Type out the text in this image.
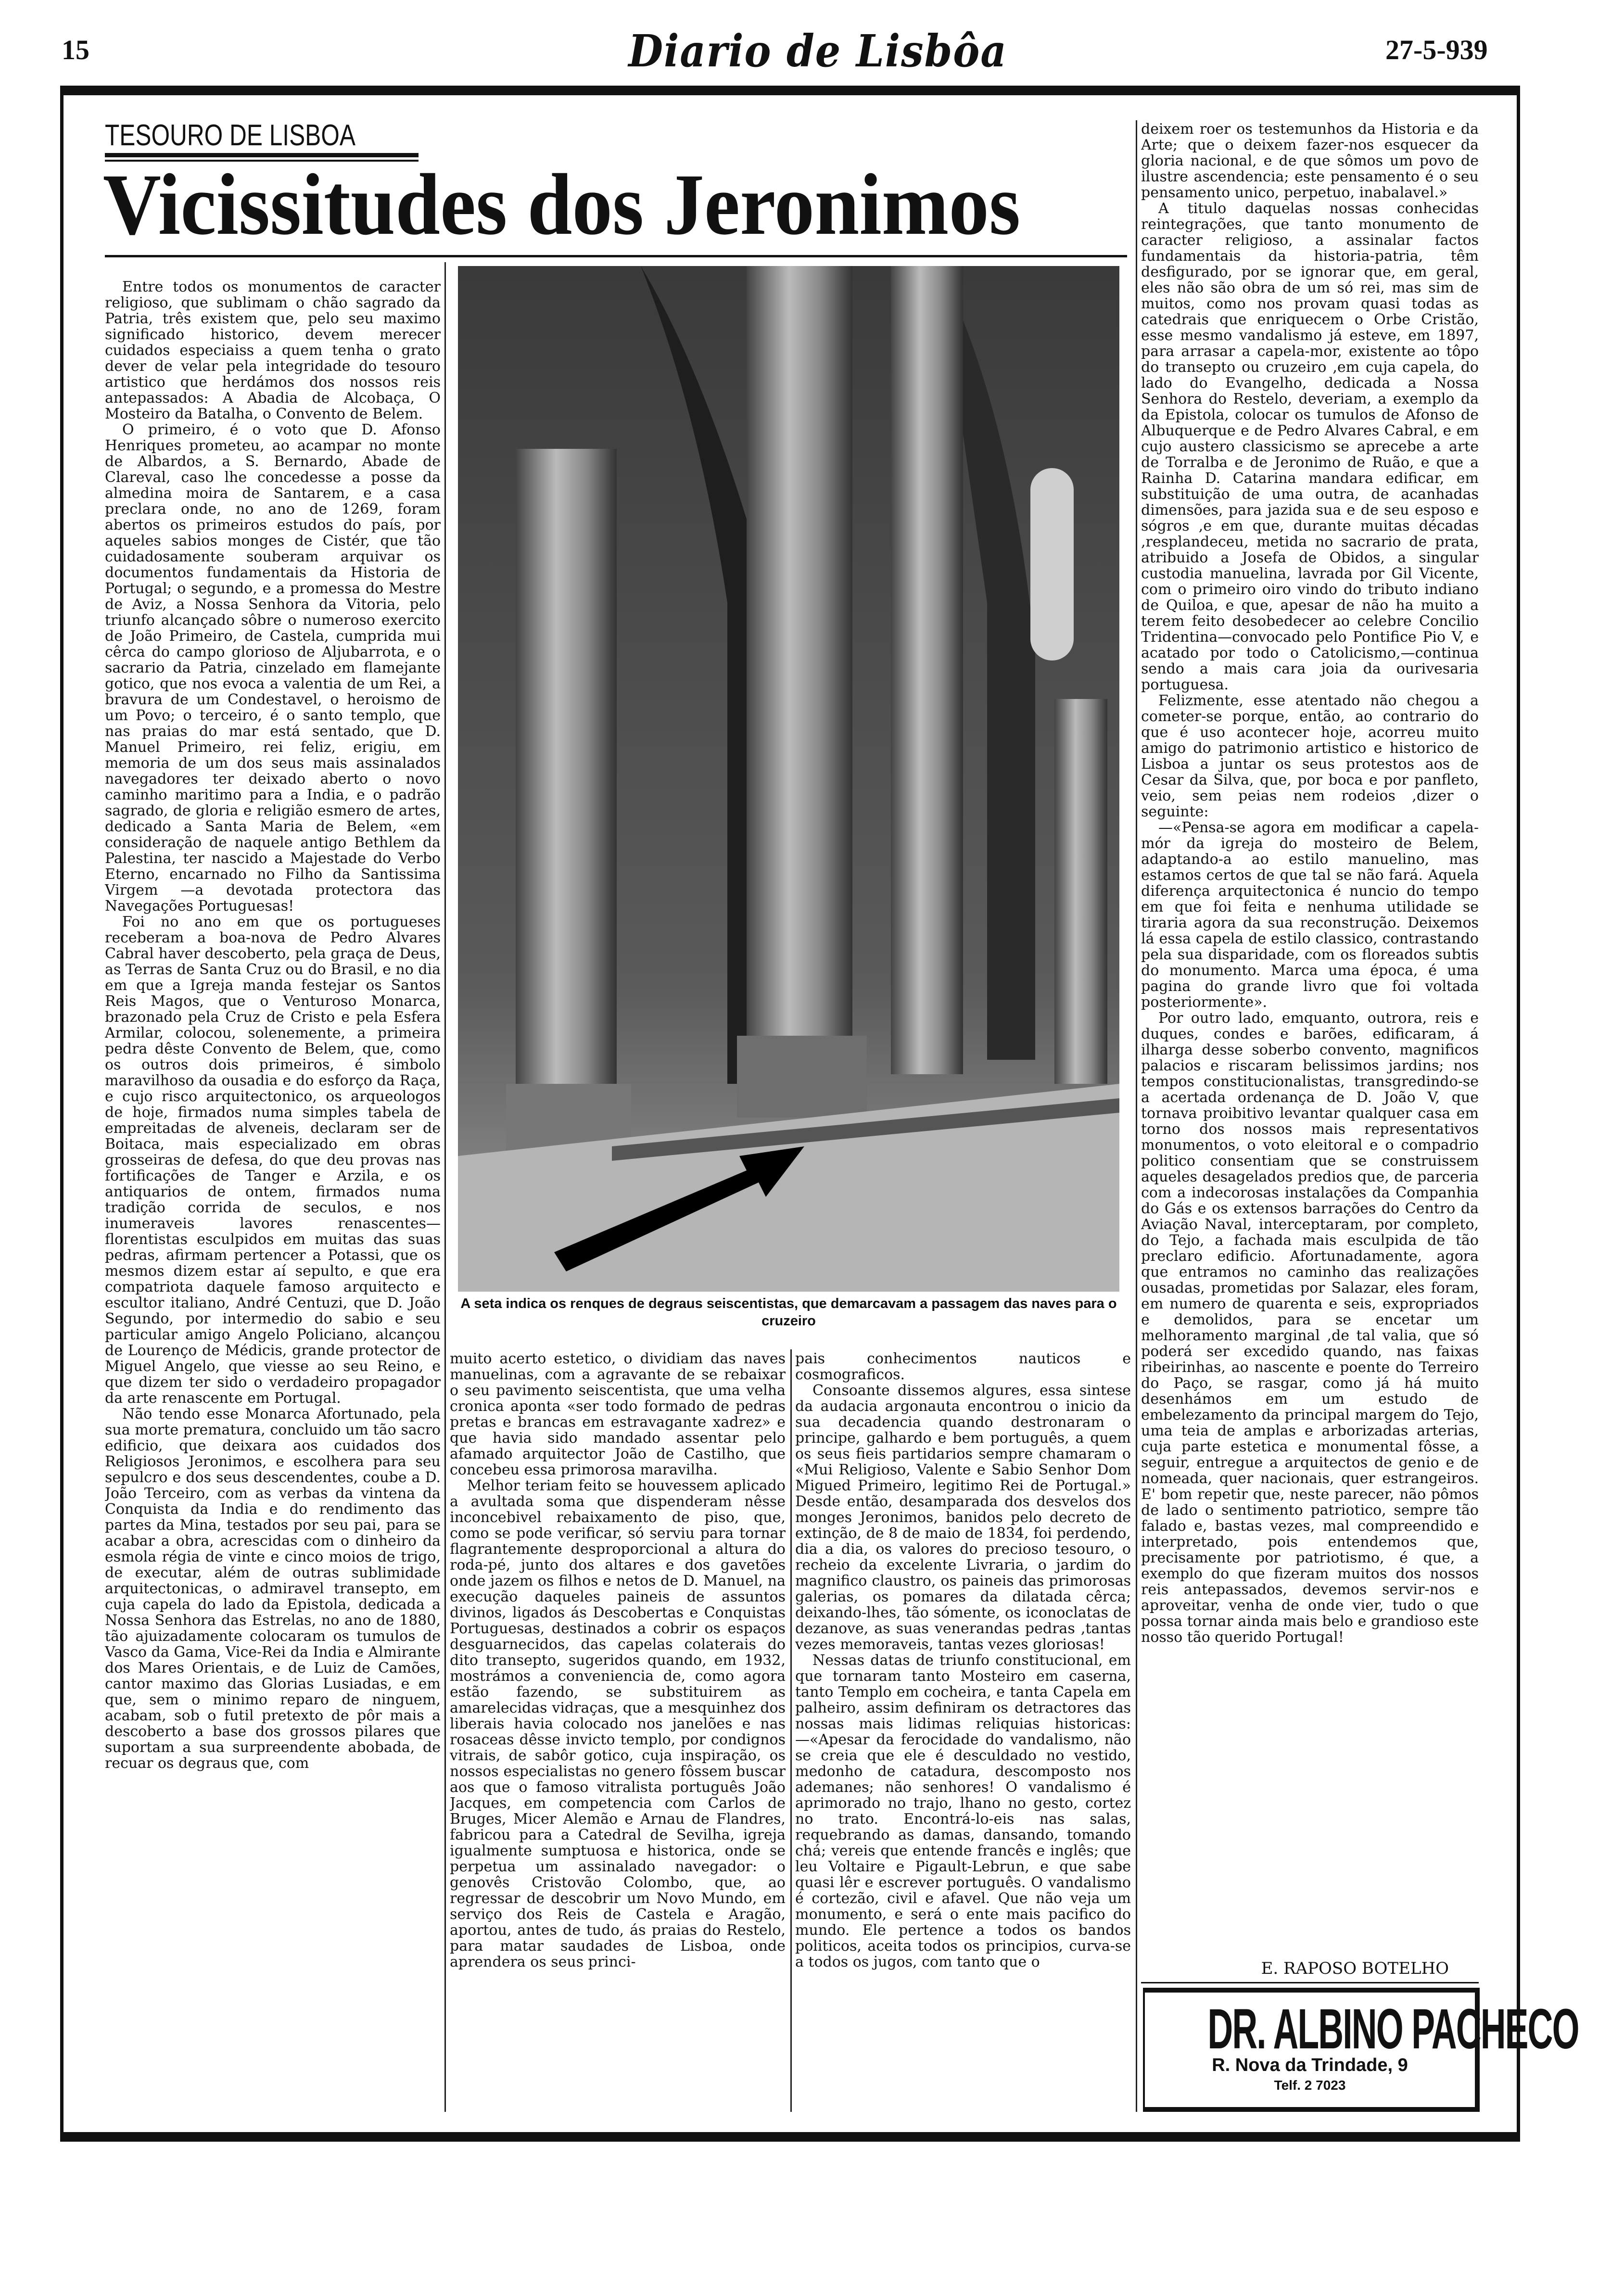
15	Diario de Lisbôa	27-5-939
TESOURO DE LISBOA
Vicissitudes dos Jeronimos

Entre todos os monumentos de caracter religioso, que sublimam o chão sagrado da Patria, três existem que, pelo seu maximo significado historico, devem merecer cuidados especiaiss a quem tenha o grato dever de velar pela integridade do tesouro artistico que herdámos dos nossos reis antepassados: A Abadia de Alcobaça, O Mosteiro da Batalha, o Convento de Belem.

O primeiro, é o voto que D. Afonso Henriques prometeu, ao acampar no monte de Albardos, a S. Bernardo, Abade de Clareval, caso lhe concedesse a posse da almedina moira de Santarem, e a casa preclara onde, no ano de 1269, foram abertos os primeiros estudos do país, por aqueles sabios monges de Cistér, que tão cuidadosamente souberam arquivar os documentos fundamentais da Historia de Portugal; o segundo, e a promessa do Mestre de Aviz, a Nossa Senhora da Vitoria, pelo triunfo alcançado sôbre o numeroso exercito de João Primeiro, de Castela, cumprida mui cêrca do campo glorioso de Aljubarrota, e o sacrario da Patria, cinzelado em flamejante gotico, que nos evoca a valentia de um Rei, a bravura de um Condestavel, o heroismo de um Povo; o terceiro, é o santo templo, que nas praias do mar está sentado, que D. Manuel Primeiro, rei feliz, erigiu, em memoria de um dos seus mais assinalados navegadores ter deixado aberto o novo caminho maritimo para a India, e o padrão sagrado, de gloria e religião esmero de artes, dedicado a Santa Maria de Belem, «em consideração de naquele antigo Bethlem da Palestina, ter nascido a Majestade do Verbo Eterno, encarnado no Filho da Santissima Virgem —a devotada protectora das Navegações Portuguesas!

Foi no ano em que os portugueses receberam a boa-nova de Pedro Alvares Cabral haver descoberto, pela graça de Deus, as Terras de Santa Cruz ou do Brasil, e no dia em que a Igreja manda festejar os Santos Reis Magos, que o Venturoso Monarca, brazonado pela Cruz de Cristo e pela Esfera Armilar, colocou, solenemente, a primeira pedra dêste Convento de Belem, que, como os outros dois primeiros, é simbolo maravilhoso da ousadia e do esforço da Raça, e cujo risco arquitectonico, os arqueologos de hoje, firmados numa simples tabela de empreitadas de alveneis, declaram ser de Boitaca, mais especializado em obras grosseiras de defesa, do que deu provas nas fortificações de Tanger e Arzila, e os antiquarios de ontem, firmados numa tradição corrida de seculos, e nos inumeraveis lavores renascentes—florentistas esculpidos em muitas das suas pedras, afirmam pertencer a Potassi, que os mesmos dizem estar aí sepulto, e que era compatriota daquele famoso arquitecto e escultor italiano, André Centuzi, que D. João Segundo, por intermedio do sabio e seu particular amigo Angelo Policiano, alcançou de Lourenço de Médicis, grande protector de Miguel Angelo, que viesse ao seu Reino, e que dizem ter sido o verdadeiro propagador da arte renascente em Portugal.

Não tendo esse Monarca Afortunado, pela sua morte prematura, concluido um tão sacro edificio, que deixara aos cuidados dos Religiosos Jeronimos, e escolhera para seu sepulcro e dos seus descendentes, coube a D. João Terceiro, com as verbas da vintena da Conquista da India e do rendimento das partes da Mina, testados por seu pai, para se acabar a obra, acrescidas com o dinheiro da esmola régia de vinte e cinco moios de trigo, de executar, além de outras sublimidade arquitectonicas, o admiravel transepto, em cuja capela do lado da Epistola, dedicada a Nossa Senhora das Estrelas, no ano de 1880, tão ajuizadamente colocaram os tumulos de Vasco da Gama, Vice-Rei da India e Almirante dos Mares Orientais, e de Luiz de Camões, cantor maximo das Glorias Lusiadas, e em que, sem o minimo reparo de ninguem, acabam, sob o futil pretexto de pôr mais a descoberto a base dos grossos pilares que suportam a sua surpreendente abobada, de recuar os degraus que, com

A seta indica os renques de degraus seiscentistas, que demarcavam a passagem das naves para o cruzeiro

muito acerto estetico, o dividiam das naves manuelinas, com a agravante de se rebaixar o seu pavimento seiscentista, que uma velha cronica aponta «ser todo formado de pedras pretas e brancas em estravagante xadrez» e que havia sido mandado assentar pelo afamado arquitector João de Castilho, que concebeu essa primorosa maravilha.

Melhor teriam feito se houvessem aplicado a avultada soma que dispenderam nêsse inconcebivel rebaixamento de piso, que, como se pode verificar, só serviu para tornar flagrantemente desproporcional a altura do roda-pé, junto dos altares e dos gavetões onde jazem os filhos e netos de D. Manuel, na execução daqueles paineis de assuntos divinos, ligados ás Descobertas e Conquistas Portuguesas, destinados a cobrir os espaços desguarnecidos, das capelas colaterais do dito transepto, sugeridos quando, em 1932, mostrámos a conveniencia de, como agora estão fazendo, se substituirem as amarelecidas vidraças, que a mesquinhez dos liberais havia colocado nos janelões e nas rosaceas dêsse invicto templo, por condignos vitrais, de sabôr gotico, cuja inspiração, os nossos especialistas no genero fôssem buscar aos que o famoso vitralista português João Jacques, em competencia com Carlos de Bruges, Micer Alemão e Arnau de Flandres, fabricou para a Catedral de Sevilha, igreja igualmente sumptuosa e historica, onde se perpetua um assinalado navegador: o genovês Cristovão Colombo, que, ao regressar de descobrir um Novo Mundo, em serviço dos Reis de Castela e Aragão, aportou, antes de tudo, ás praias do Restelo, para matar saudades de Lisboa, onde aprendera os seus princi-

pais conhecimentos nauticos e cosmograficos.

Consoante dissemos algures, essa sintese da audacia argonauta encontrou o inicio da sua decadencia quando destronaram o principe, galhardo e bem português, a quem os seus fieis partidarios sempre chamaram o «Mui Religioso, Valente e Sabio Senhor Dom Migued Primeiro, legitimo Rei de Portugal.» Desde então, desamparada dos desvelos dos monges Jeronimos, banidos pelo decreto de extinção, de 8 de maio de 1834, foi perdendo, dia a dia, os valores do precioso tesouro, o recheio da excelente Livraria, o jardim do magnifico claustro, os paineis das primorosas galerias, os pomares da dilatada cêrca; deixando-lhes, tão sómente, os iconoclatas de dezanove, as suas venerandas pedras ,tantas vezes memoraveis, tantas vezes gloriosas!

Nessas datas de triunfo constitucional, em que tornaram tanto Mosteiro em caserna, tanto Templo em cocheira, e tanta Capela em palheiro, assim definiram os detractores das nossas mais lidimas reliquias historicas:—«Apesar da ferocidade do vandalismo, não se creia que ele é desculdado no vestido, medonho de catadura, descomposto nos ademanes; não senhores! O vandalismo é aprimorado no trajo, lhano no gesto, cortez no trato. Encontrá-lo-eis nas salas, requebrando as damas, dansando, tomando chá; vereis que entende francês e inglês; que leu Voltaire e Pigault-Lebrun, e que sabe quasi lêr e escrever português. O vandalismo é cortezão, civil e afavel. Que não veja um monumento, e será o ente mais pacifico do mundo. Ele pertence a todos os bandos politicos, aceita todos os principios, curva-se a todos os jugos, com tanto que o

deixem roer os testemunhos da Historia e da Arte; que o deixem fazer-nos esquecer da gloria nacional, e de que sômos um povo de ilustre ascendencia; este pensamento é o seu pensamento unico, perpetuo, inabalavel.»

A titulo daquelas nossas conhecidas reintegrações, que tanto monumento de caracter religioso, a assinalar factos fundamentais da historia-patria, têm desfigurado, por se ignorar que, em geral, eles não são obra de um só rei, mas sim de muitos, como nos provam quasi todas as catedrais que enriquecem o Orbe Cristão, esse mesmo vandalismo já esteve, em 1897, para arrasar a capela-mor, existente ao tôpo do transepto ou cruzeiro ,em cuja capela, do lado do Evangelho, dedicada a Nossa Senhora do Restelo, deveriam, a exemplo da da Epistola, colocar os tumulos de Afonso de Albuquerque e de Pedro Alvares Cabral, e em cujo austero classicismo se aprecebe a arte de Torralba e de Jeronimo de Ruão, e que a Rainha D. Catarina mandara edificar, em substituição de uma outra, de acanhadas dimensões, para jazida sua e de seu esposo e sógros ,e em que, durante muitas décadas ,resplandeceu, metida no sacrario de prata, atribuido a Josefa de Obidos, a singular custodia manuelina, lavrada por Gil Vicente, com o primeiro oiro vindo do tributo indiano de Quiloa, e que, apesar de não ha muito a terem feito desobedecer ao celebre Concilio Tridentina—convocado pelo Pontifice Pio V, e acatado por todo o Catolicismo,—continua sendo a mais cara joia da ourivesaria portuguesa.

Felizmente, esse atentado não chegou a cometer-se porque, então, ao contrario do que é uso acontecer hoje, acorreu muito amigo do patrimonio artistico e historico de Lisboa a juntar os seus protestos aos de Cesar da Silva, que, por boca e por panfleto, veio, sem peias nem rodeios ,dizer o seguinte:

—«Pensa-se agora em modificar a capela-mór da igreja do mosteiro de Belem, adaptando-a ao estilo manuelino, mas estamos certos de que tal se não fará. Aquela diferença arquitectonica é nuncio do tempo em que foi feita e nenhuma utilidade se tiraria agora da sua reconstrução. Deixemos lá essa capela de estilo classico, contrastando pela sua disparidade, com os floreados subtis do monumento. Marca uma época, é uma pagina do grande livro que foi voltada posteriormente».

Por outro lado, emquanto, outrora, reis e duques, condes e barões, edificaram, á ilharga desse soberbo convento, magnificos palacios e riscaram belissimos jardins; nos tempos constitucionalistas, transgredindo-se a acertada ordenança de D. João V, que tornava proibitivo levantar qualquer casa em torno dos nossos mais representativos monumentos, o voto eleitoral e o compadrio politico consentiam que se construissem aqueles desagelados predios que, de parceria com a indecorosas instalações da Companhia do Gás e os extensos barrações do Centro da Aviação Naval, interceptaram, por completo, do Tejo, a fachada mais esculpida de tão preclaro edificio. Afortunadamente, agora que entramos no caminho das realizações ousadas, prometidas por Salazar, eles foram, em numero de quarenta e seis, expropriados e demolidos, para se encetar um melhoramento marginal ,de tal valia, que só poderá ser excedido quando, nas faixas ribeirinhas, ao nascente e poente do Terreiro do Paço, se rasgar, como já há muito desenhámos em um estudo de embelezamento da principal margem do Tejo, uma teia de amplas e arborizadas arterias, cuja parte estetica e monumental fôsse, a seguir, entregue a arquitectos de genio e de nomeada, quer nacionais, quer estrangeiros. E' bom repetir que, neste parecer, não pômos de lado o sentimento patriotico, sempre tão falado e, bastas vezes, mal compreendido e interpretado, pois entendemos que, precisamente por patriotismo, é que, a exemplo do que fizeram muitos dos nossos reis antepassados, devemos servir-nos e aproveitar, venha de onde vier, tudo o que possa tornar ainda mais belo e grandioso este nosso tão querido Portugal!

E. RAPOSO BOTELHO
DR. ALBINO PACHECO
R. Nova da Trindade, 9
Telf. 2 7023
